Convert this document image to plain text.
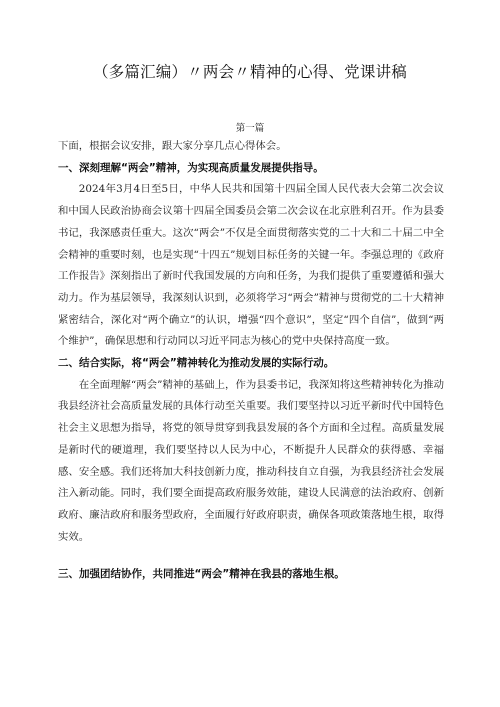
（多篇汇编）〃两会〃精神的心得、党课讲稿
第一篇

下面，根据会议安排，跟大家分享几点心得体会。

一、深刻理解“两会”精神，为实现高质量发展提供指导。

2024年3月4日至5日，中华人民共和国第十四届全国人民代表大会第二次会议和中国人民政治协商会议第十四届全国委员会第二次会议在北京胜利召开。作为县委书记，我深感责任重大。这次“两会”不仅是全面贯彻落实党的二十大和二十届二中全会精神的重要时刻，也是实现“十四五”规划目标任务的关键一年。李强总理的《政府工作报告》深刻指出了新时代我国发展的方向和任务，为我们提供了重要遵循和强大动力。作为基层领导，我深刻认识到，必须将学习“两会”精神与贯彻党的二十大精神紧密结合，深化对“两个确立”的认识，增强“四个意识”，坚定“四个自信”，做到“两个维护”，确保思想和行动同以习近平同志为核心的党中央保持高度一致。

二、结合实际，将“两会”精神转化为推动发展的实际行动。

在全面理解“两会”精神的基础上，作为县委书记，我深知将这些精神转化为推动我县经济社会高质量发展的具体行动至关重要。我们要坚持以习近平新时代中国特色社会主义思想为指导，将党的领导贯穿到我县发展的各个方面和全过程。高质量发展是新时代的硬道理，我们要坚持以人民为中心，不断提升人民群众的获得感、幸福感、安全感。我们还将加大科技创新力度，推动科技自立自强，为我县经济社会发展注入新动能。同时，我们要全面提高政府服务效能，建设人民满意的法治政府、创新政府、廉洁政府和服务型政府，全面履行好政府职责，确保各项政策落地生根，取得实效。

三、加强团结协作，共同推进“两会”精神在我县的落地生根。
